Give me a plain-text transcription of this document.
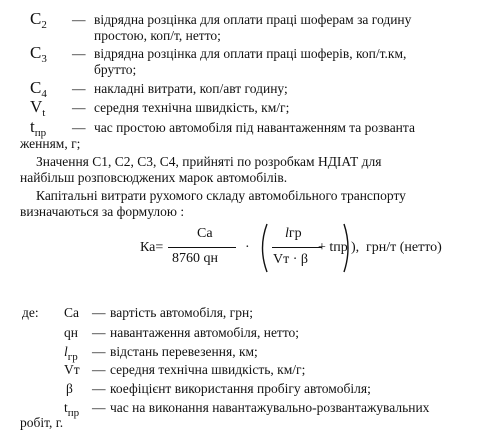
$C_2$ — відрядна розцінка для оплати праці шоферам за годину
простою, коп/т, нетто;
$C_3$ — відрядна розцінка для оплати праці шоферів, коп/т.км,
брутто;
$C_4$ — накладні витрати, коп/авт годину;
$V_t$ — середня технічна швидкість, км/г;
$t_{пр}$ — час простою автомобіля під навантаженням та розванта
женням, г;
Значення С1, С2, С3, С4, прийняті по розробкам НДІАТ для
найбільш розповсюджених марок автомобілів.
Капітальні витрати рухомого складу автомобільного транспорту
визначаються за формулою :
Ка=
Са
8760 qн
·
lгр
Vт · β
+ tпр ), грн/т (нетто)
де: Са — вартість автомобіля, грн;
qн — навантаження автомобіля, нетто;
$l_{гр}$ — відстань перевезення, км;
Vт — середня технічна швидкість, км/г;
β — коефіцієнт використання пробігу автомобіля;
$t_{пр}$ — час на виконання навантажувально-розвантажувальних
робіт, г.
